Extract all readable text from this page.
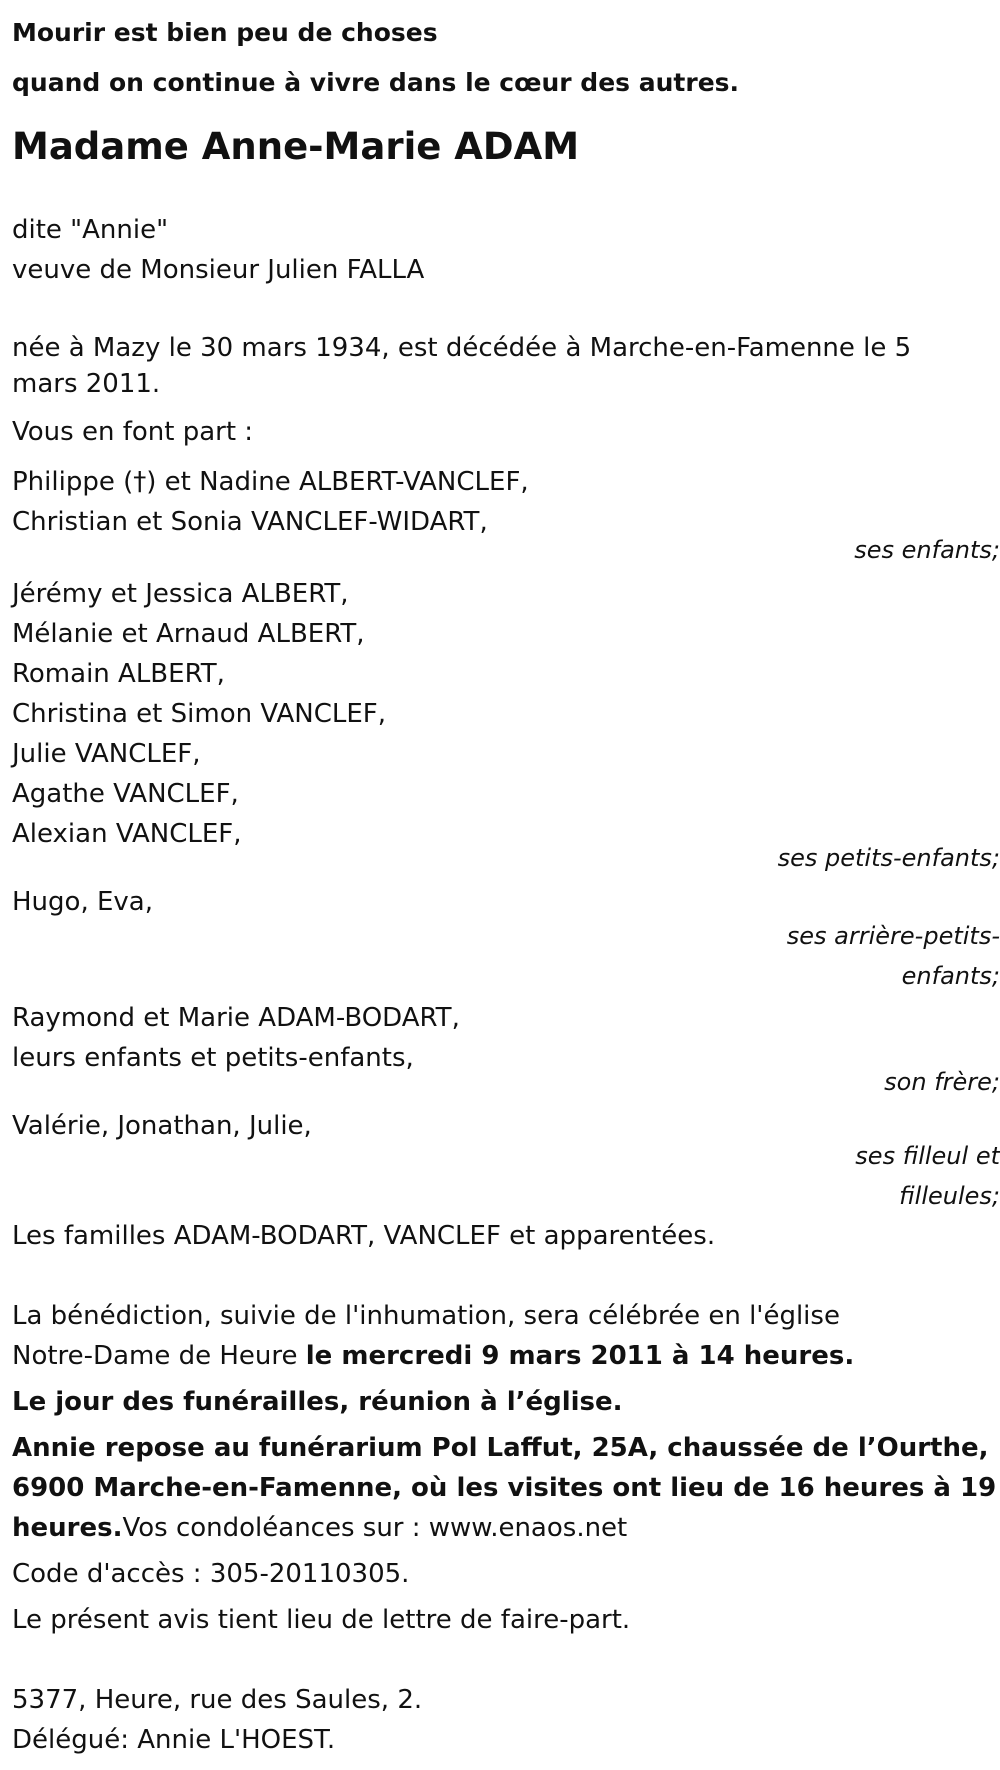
Mourir est bien peu de choses
quand on continue à vivre dans le cœur des autres.
Madame Anne-Marie ADAM
dite "Annie"
veuve de Monsieur Julien FALLA
née à Mazy le 30 mars 1934, est décédée à Marche-en-Famenne le 5 mars 2011.
Vous en font part :
Philippe (†) et Nadine ALBERT-VANCLEF,
Christian et Sonia VANCLEF-WIDART,
ses enfants;
Jérémy et Jessica ALBERT,
Mélanie et Arnaud ALBERT,
Romain ALBERT,
Christina et Simon VANCLEF,
Julie VANCLEF,
Agathe VANCLEF,
Alexian VANCLEF,
ses petits-enfants;
Hugo, Eva,
ses arrière-petits-
enfants;
Raymond et Marie ADAM-BODART,
leurs enfants et petits-enfants,
son frère;
Valérie, Jonathan, Julie,
ses filleul et
filleules;
Les familles ADAM-BODART, VANCLEF et apparentées.
La bénédiction, suivie de l'inhumation, sera célébrée en l'église
Notre-Dame de Heure le mercredi 9 mars 2011 à 14 heures.
Le jour des funérailles, réunion à l’église.
Annie repose au funérarium Pol Laffut, 25A, chaussée de l’Ourthe,
6900 Marche-en-Famenne, où les visites ont lieu de 16 heures à 19
heures.Vos condoléances sur : www.enaos.net
Code d'accès : 305-20110305.
Le présent avis tient lieu de lettre de faire-part.
5377, Heure, rue des Saules, 2.
Délégué: Annie L'HOEST.
